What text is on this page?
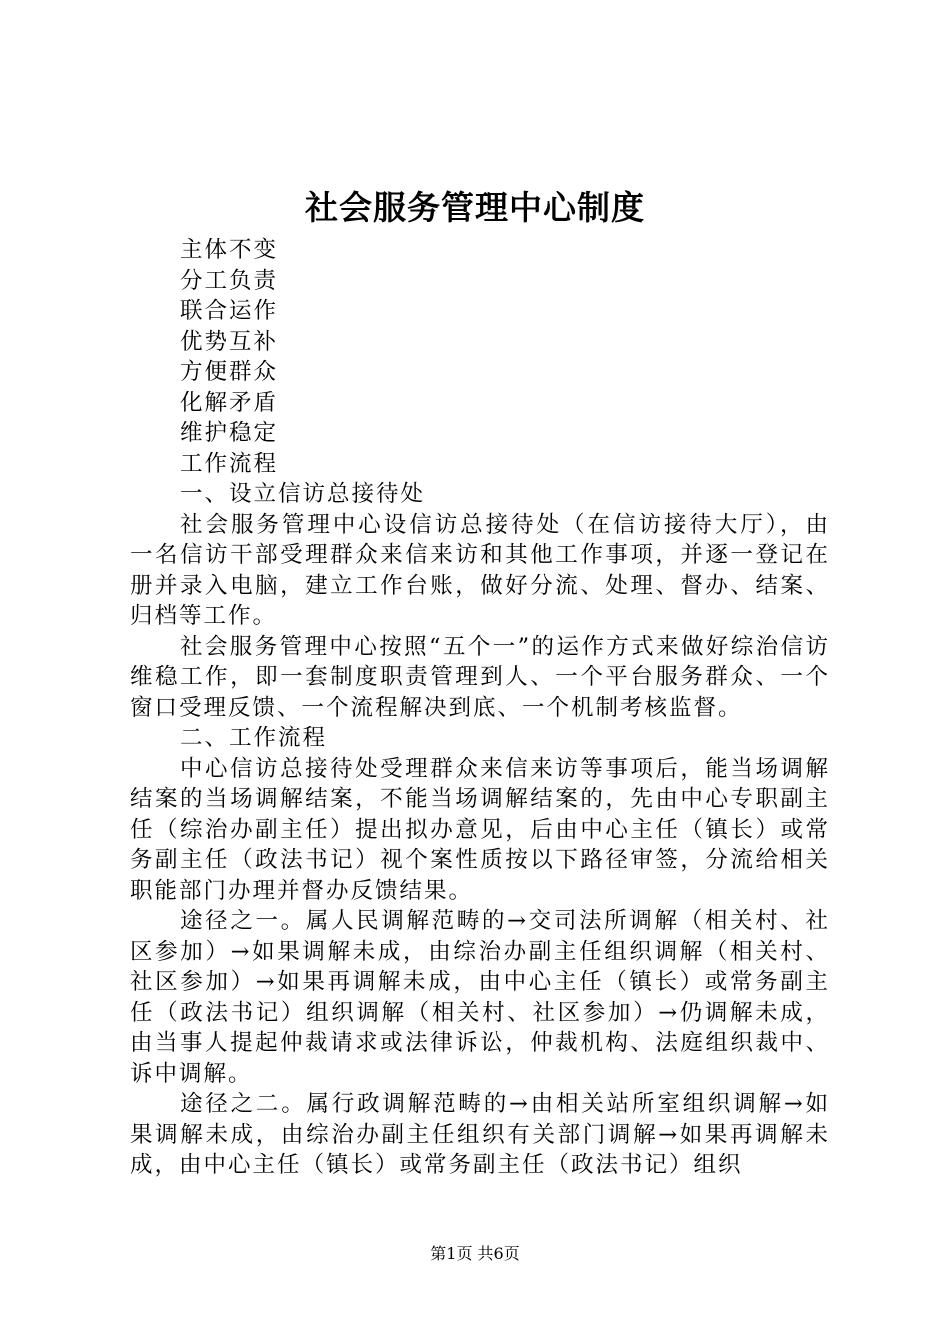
社会服务管理中心制度
主体不变
分工负责
联合运作
优势互补
方便群众
化解矛盾
维护稳定
工作流程
一、设立信访总接待处

社会服务管理中心设信访总接待处（在信访接待大厅），由一名信访干部受理群众来信来访和其他工作事项，并逐一登记在册并录入电脑，建立工作台账，做好分流、处理、督办、结案、归档等工作。

社会服务管理中心按照“五个一”的运作方式来做好综治信访维稳工作，即一套制度职责管理到人、一个平台服务群众、一个窗口受理反馈、一个流程解决到底、一个机制考核监督。

二、工作流程

中心信访总接待处受理群众来信来访等事项后，能当场调解结案的当场调解结案，不能当场调解结案的，先由中心专职副主任（综治办副主任）提出拟办意见，后由中心主任（镇长）或常务副主任（政法书记）视个案性质按以下路径审签，分流给相关职能部门办理并督办反馈结果。

途径之一。属人民调解范畴的→交司法所调解（相关村、社区参加）→如果调解未成，由综治办副主任组织调解（相关村、社区参加）→如果再调解未成，由中心主任（镇长）或常务副主任（政法书记）组织调解（相关村、社区参加）→仍调解未成，由当事人提起仲裁请求或法律诉讼，仲裁机构、法庭组织裁中、诉中调解。

途径之二。属行政调解范畴的→由相关站所室组织调解→如果调解未成，由综治办副主任组织有关部门调解→如果再调解未成，由中心主任（镇长）或常务副主任（政法书记）组织

第1页 共6页
